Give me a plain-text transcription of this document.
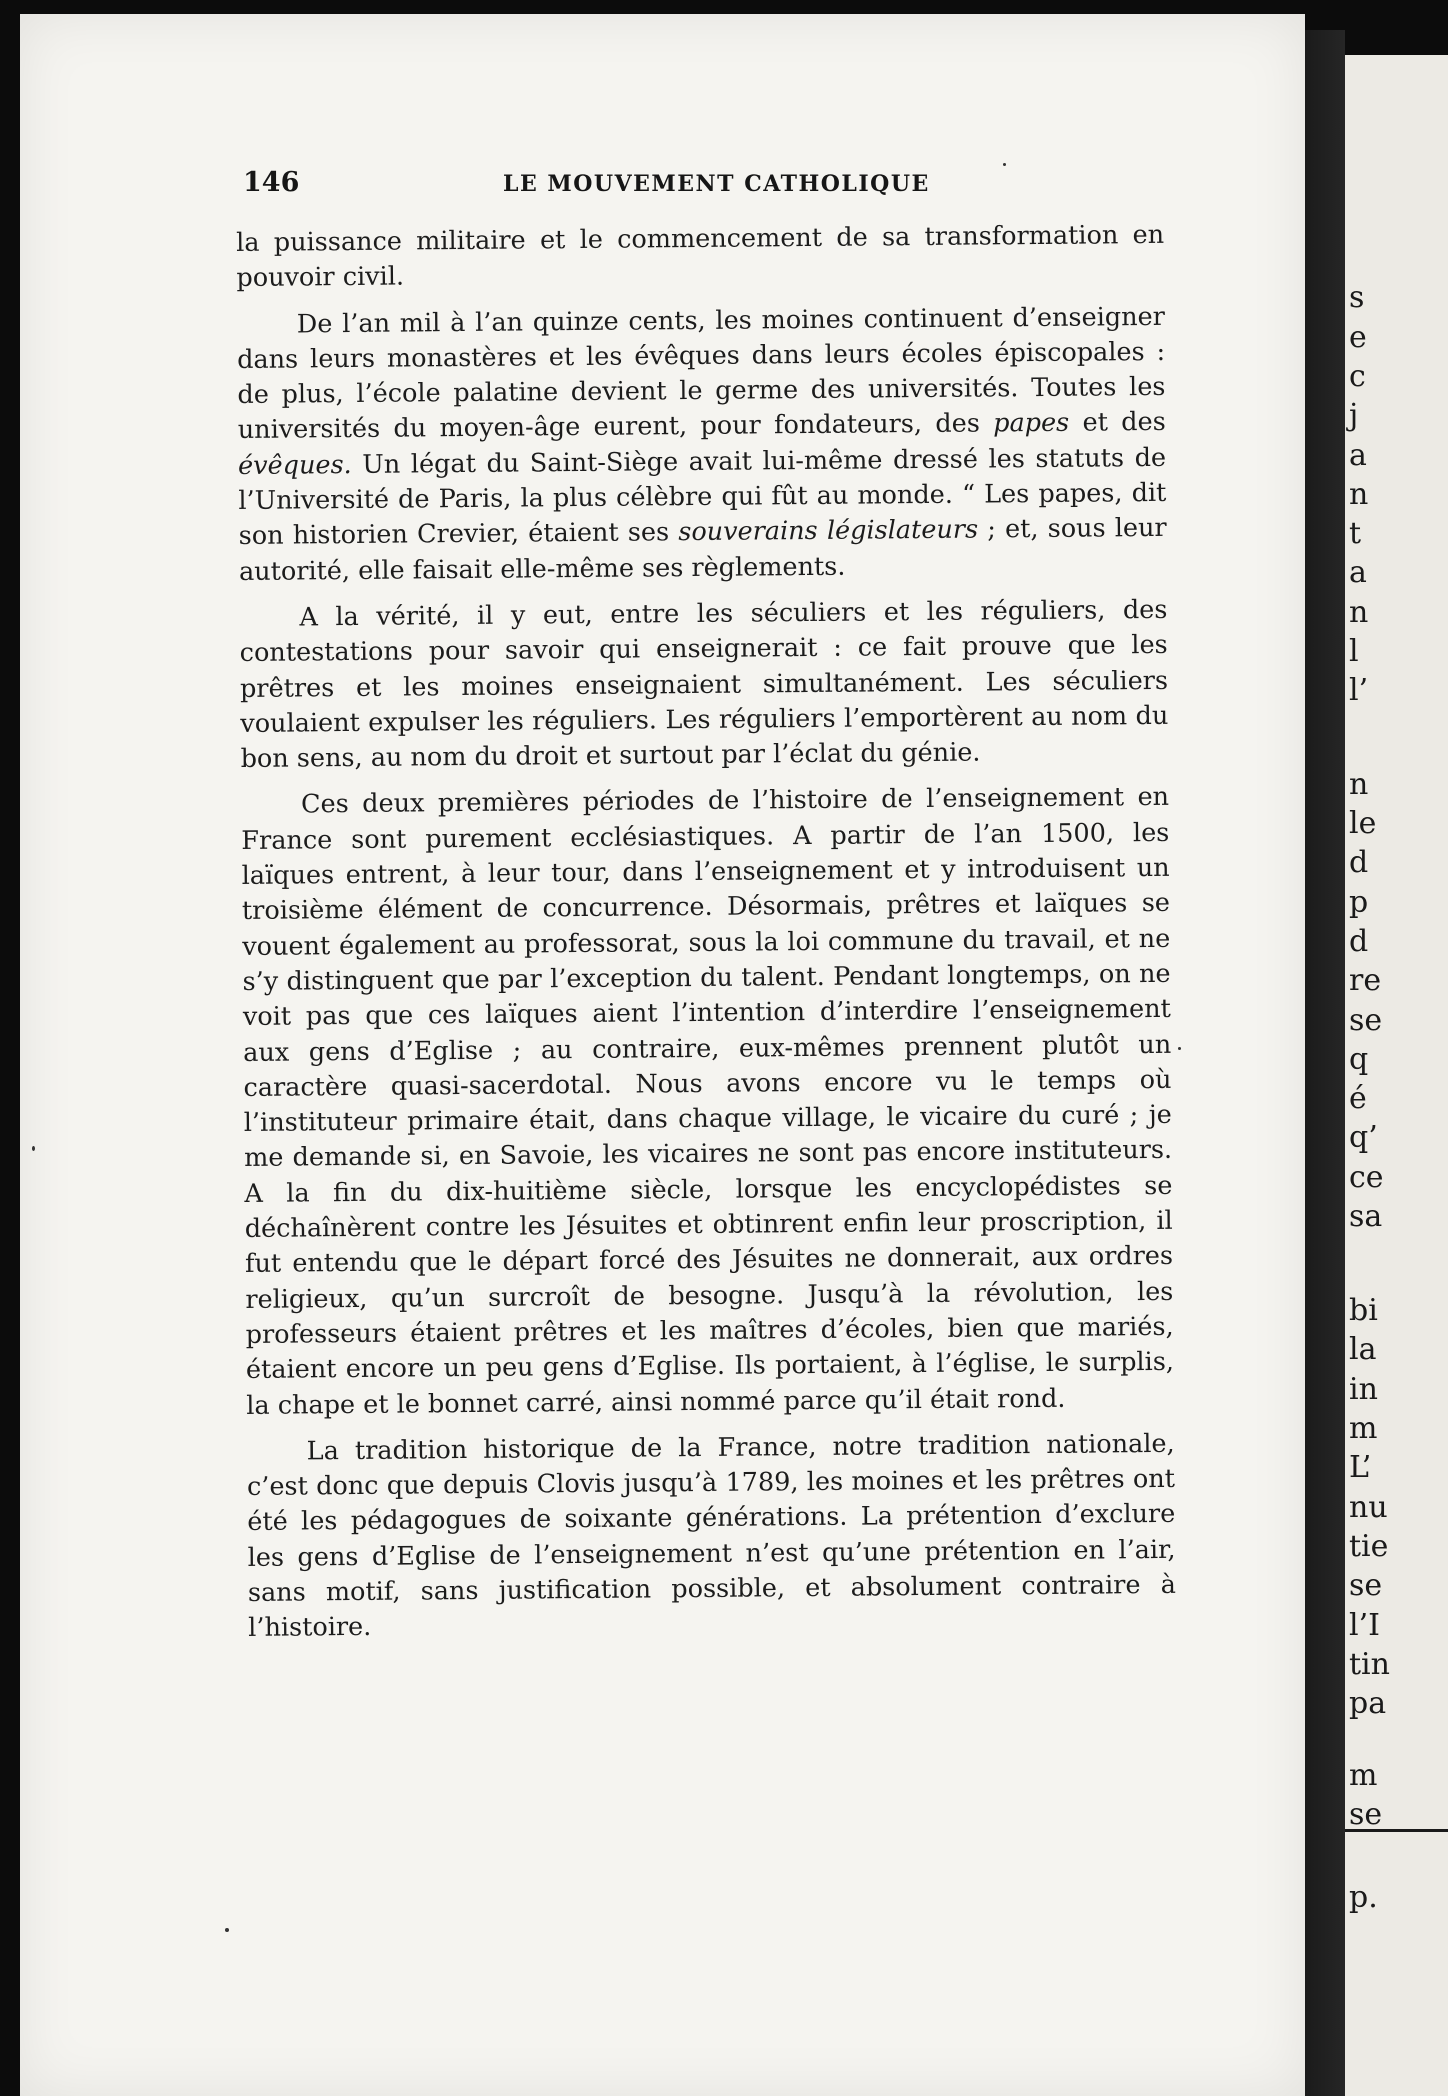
s
e
c
j
a
n
t
a
n
l
l’
n
le
d
p
d
re
se
q
é
q’
ce
sa
bi
la
in
m
L’
nu
tie
se
l’I
tin
pa
m
se
p.
146	LE MOUVEMENT CATHOLIQUE

la puissance militaire et le commencement de sa transformation en pouvoir civil.

De l’an mil à l’an quinze cents, les moines continuent d’enseigner dans leurs monastères et les évêques dans leurs écoles épiscopales : de plus, l’école palatine devient le germe des universités. Toutes les universités du moyen-âge eurent, pour fondateurs, des papes et des évêques. Un légat du Saint-Siège avait lui-même dressé les statuts de l’Université de Paris, la plus célèbre qui fût au monde. “ Les papes, dit son historien Crevier, étaient ses souverains législateurs ; et, sous leur autorité, elle faisait elle-même ses règlements.

A la vérité, il y eut, entre les séculiers et les réguliers, des contestations pour savoir qui enseignerait : ce fait prouve que les prêtres et les moines enseignaient simultanément. Les séculiers voulaient expulser les réguliers. Les réguliers l’emportèrent au nom du bon sens, au nom du droit et surtout par l’éclat du génie.

Ces deux premières périodes de l’histoire de l’enseignement en France sont purement ecclésiastiques. A partir de l’an 1500, les laïques entrent, à leur tour, dans l’enseignement et y introduisent un troisième élément de concurrence. Désormais, prêtres et laïques se vouent également au professorat, sous la loi commune du travail, et ne s’y distinguent que par l’exception du talent. Pendant longtemps, on ne voit pas que ces laïques aient l’intention d’interdire l’enseignement aux gens d’Eglise ; au contraire, eux-mêmes prennent plutôt un caractère quasi-sacerdotal. Nous avons encore vu le temps où l’instituteur primaire était, dans chaque village, le vicaire du curé ; je me demande si, en Savoie, les vicaires ne sont pas encore instituteurs. A la fin du dix-huitième siècle, lorsque les encyclopédistes se déchaînèrent contre les Jésuites et obtinrent enfin leur proscription, il fut entendu que le départ forcé des Jésuites ne donnerait, aux ordres religieux, qu’un surcroît de besogne. Jusqu’à la révolution, les professeurs étaient prêtres et les maîtres d’écoles, bien que mariés, étaient encore un peu gens d’Eglise. Ils portaient, à l’église, le surplis, la chape et le bonnet carré, ainsi nommé parce qu’il était rond.

La tradition historique de la France, notre tradition nationale, c’est donc que depuis Clovis jusqu’à 1789, les moines et les prêtres ont été les pédagogues de soixante générations. La prétention d’exclure les gens d’Eglise de l’enseignement n’est qu’une prétention en l’air, sans motif, sans justification possible, et absolument contraire à l’histoire.
